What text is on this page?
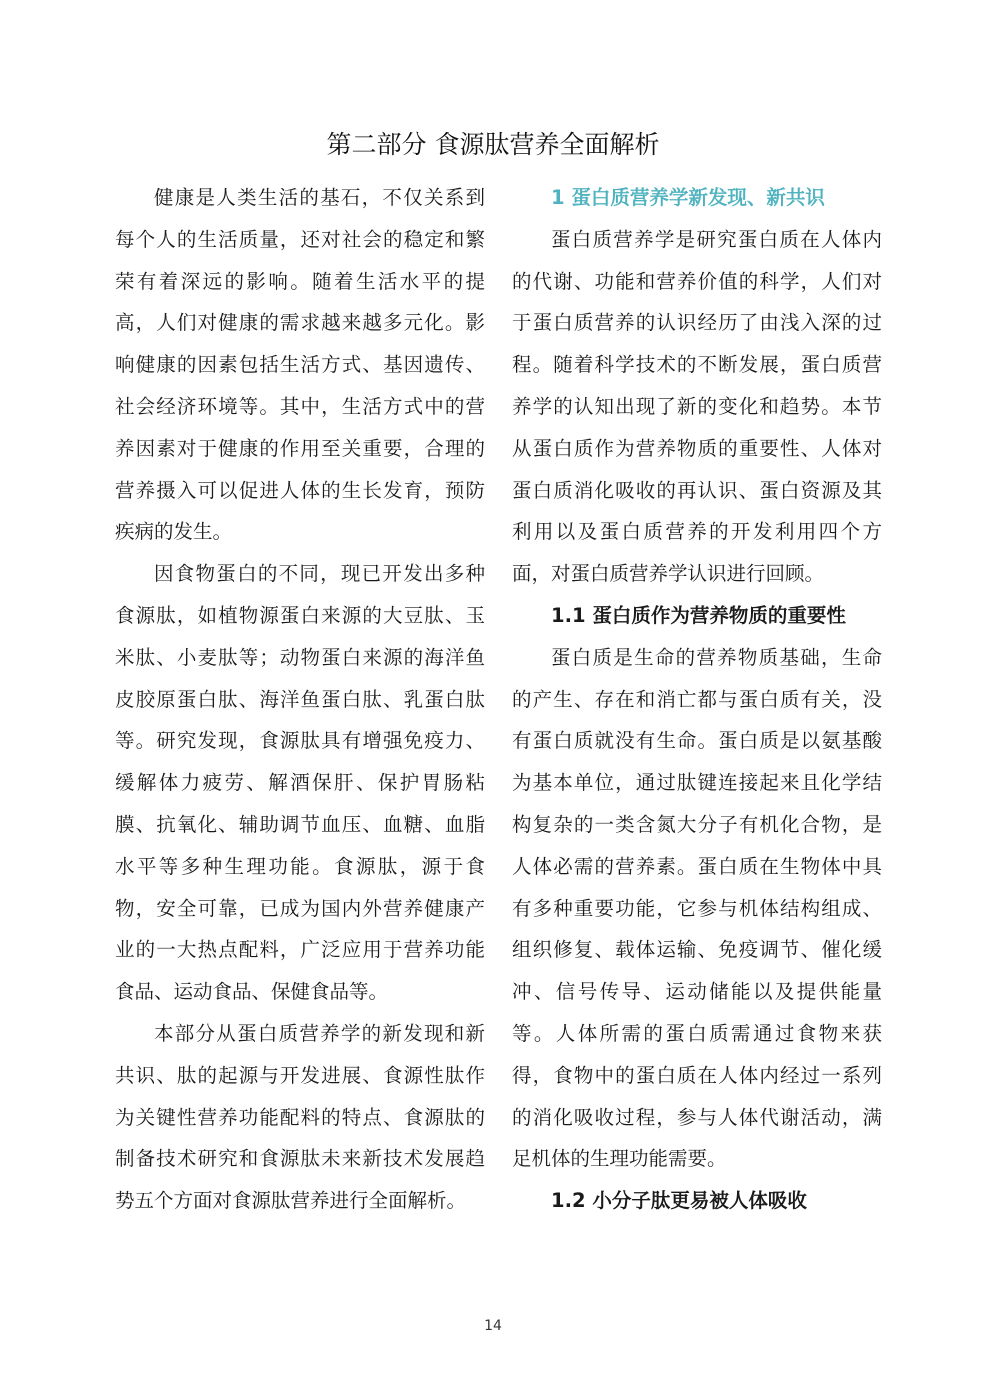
第二部分 食源肽营养全面解析

健康是人类生活的基石，不仅关系到每个人的生活质量，还对社会的稳定和繁荣有着深远的影响。随着生活水平的提高，人们对健康的需求越来越多元化。影响健康的因素包括生活方式、基因遗传、社会经济环境等。其中，生活方式中的营养因素对于健康的作用至关重要，合理的营养摄入可以促进人体的生长发育，预防疾病的发生。

因食物蛋白的不同，现已开发出多种食源肽，如植物源蛋白来源的大豆肽、玉米肽、小麦肽等；动物蛋白来源的海洋鱼皮胶原蛋白肽、海洋鱼蛋白肽、乳蛋白肽等。研究发现，食源肽具有增强免疫力、缓解体力疲劳、解酒保肝、保护胃肠粘膜、抗氧化、辅助调节血压、血糖、血脂水平等多种生理功能。食源肽，源于食物，安全可靠，已成为国内外营养健康产业的一大热点配料，广泛应用于营养功能食品、运动食品、保健食品等。

本部分从蛋白质营养学的新发现和新共识、肽的起源与开发进展、食源性肽作为关键性营养功能配料的特点、食源肽的制备技术研究和食源肽未来新技术发展趋势五个方面对食源肽营养进行全面解析。

1 蛋白质营养学新发现、新共识

蛋白质营养学是研究蛋白质在人体内的代谢、功能和营养价值的科学，人们对于蛋白质营养的认识经历了由浅入深的过程。随着科学技术的不断发展，蛋白质营养学的认知出现了新的变化和趋势。本节从蛋白质作为营养物质的重要性、人体对蛋白质消化吸收的再认识、蛋白资源及其利用以及蛋白质营养的开发利用四个方面，对蛋白质营养学认识进行回顾。

1.1 蛋白质作为营养物质的重要性

蛋白质是生命的营养物质基础，生命的产生、存在和消亡都与蛋白质有关，没有蛋白质就没有生命。蛋白质是以氨基酸为基本单位，通过肽键连接起来且化学结构复杂的一类含氮大分子有机化合物，是人体必需的营养素。蛋白质在生物体中具有多种重要功能，它参与机体结构组成、组织修复、载体运输、免疫调节、催化缓冲、信号传导、运动储能以及提供能量等。人体所需的蛋白质需通过食物来获得，食物中的蛋白质在人体内经过一系列的消化吸收过程，参与人体代谢活动，满足机体的生理功能需要。

1.2 小分子肽更易被人体吸收
14
